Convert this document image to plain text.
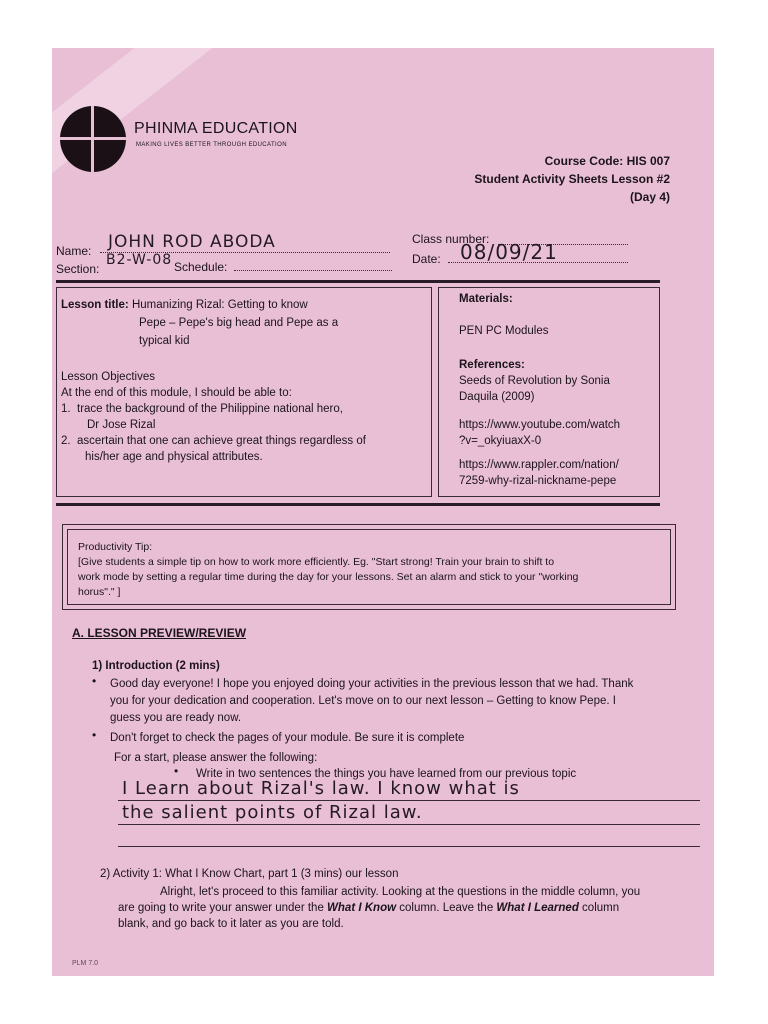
PHINMA EDUCATION
MAKING LIVES BETTER THROUGH EDUCATION
Course Code: HIS 007
Student Activity Sheets Lesson #2
(Day 4)
Name: JOHN ROD ABODA
Section:
B2-W-08 Schedule:
Class number:
Date: 08/09/21
Lesson title: Humanizing Rizal: Getting to know
Pepe – Pepe's big head and Pepe as a
typical kid
Lesson Objectives
At the end of this module, I should be able to:
1. trace the background of the Philippine national hero,
Dr Jose Rizal
2. ascertain that one can achieve great things regardless of
his/her age and physical attributes.
Materials:
PEN PC Modules
References:
Seeds of Revolution by Sonia
Daquila (2009)
https://www.youtube.com/watch
?v=_okyiuaxX-0
https://www.rappler.com/nation/
7259-why-rizal-nickname-pepe
Productivity Tip:
[Give students a simple tip on how to work more efficiently. Eg. "Start strong! Train your brain to shift to
work mode by setting a regular time during the day for your lessons. Set an alarm and stick to your "working
horus"." ]
A. LESSON PREVIEW/REVIEW
1) Introduction (2 mins)
• Good day everyone! I hope you enjoyed doing your activities in the previous lesson that we had. Thank
you for your dedication and cooperation. Let's move on to our next lesson – Getting to know Pepe. I
guess you are ready now.
• Don't forget to check the pages of your module. Be sure it is complete
For a start, please answer the following:
• Write in two sentences the things you have learned from our previous topic
I Learn about Rizal's law. I know what is
the salient points of Rizal law.
2) Activity 1: What I Know Chart, part 1 (3 mins) our lesson
Alright, let's proceed to this familiar activity. Looking at the questions in the middle column, you
are going to write your answer under the What I Know column. Leave the What I Learned column
blank, and go back to it later as you are told.
PLM 7.0
